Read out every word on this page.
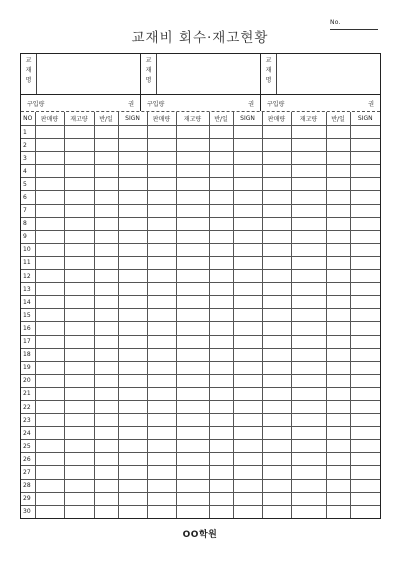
No.
교재비 회수·재고현황
교
재
명
교
재
명
교
재
명
구입량	권 구입량	권 구입량	권
NO	판매량	재고량	반/일	SIGN	판매량	재고량	반/일	SIGN	판매량	재고량	반/일	SIGN
1												
2												
3												
4												
5												
6												
7												
8												
9												
10												
11												
12												
13												
14												
15												
16												
17												
18												
19												
20												
21												
22												
23												
24												
25												
26												
27												
28												
29												
30												
OO학원
